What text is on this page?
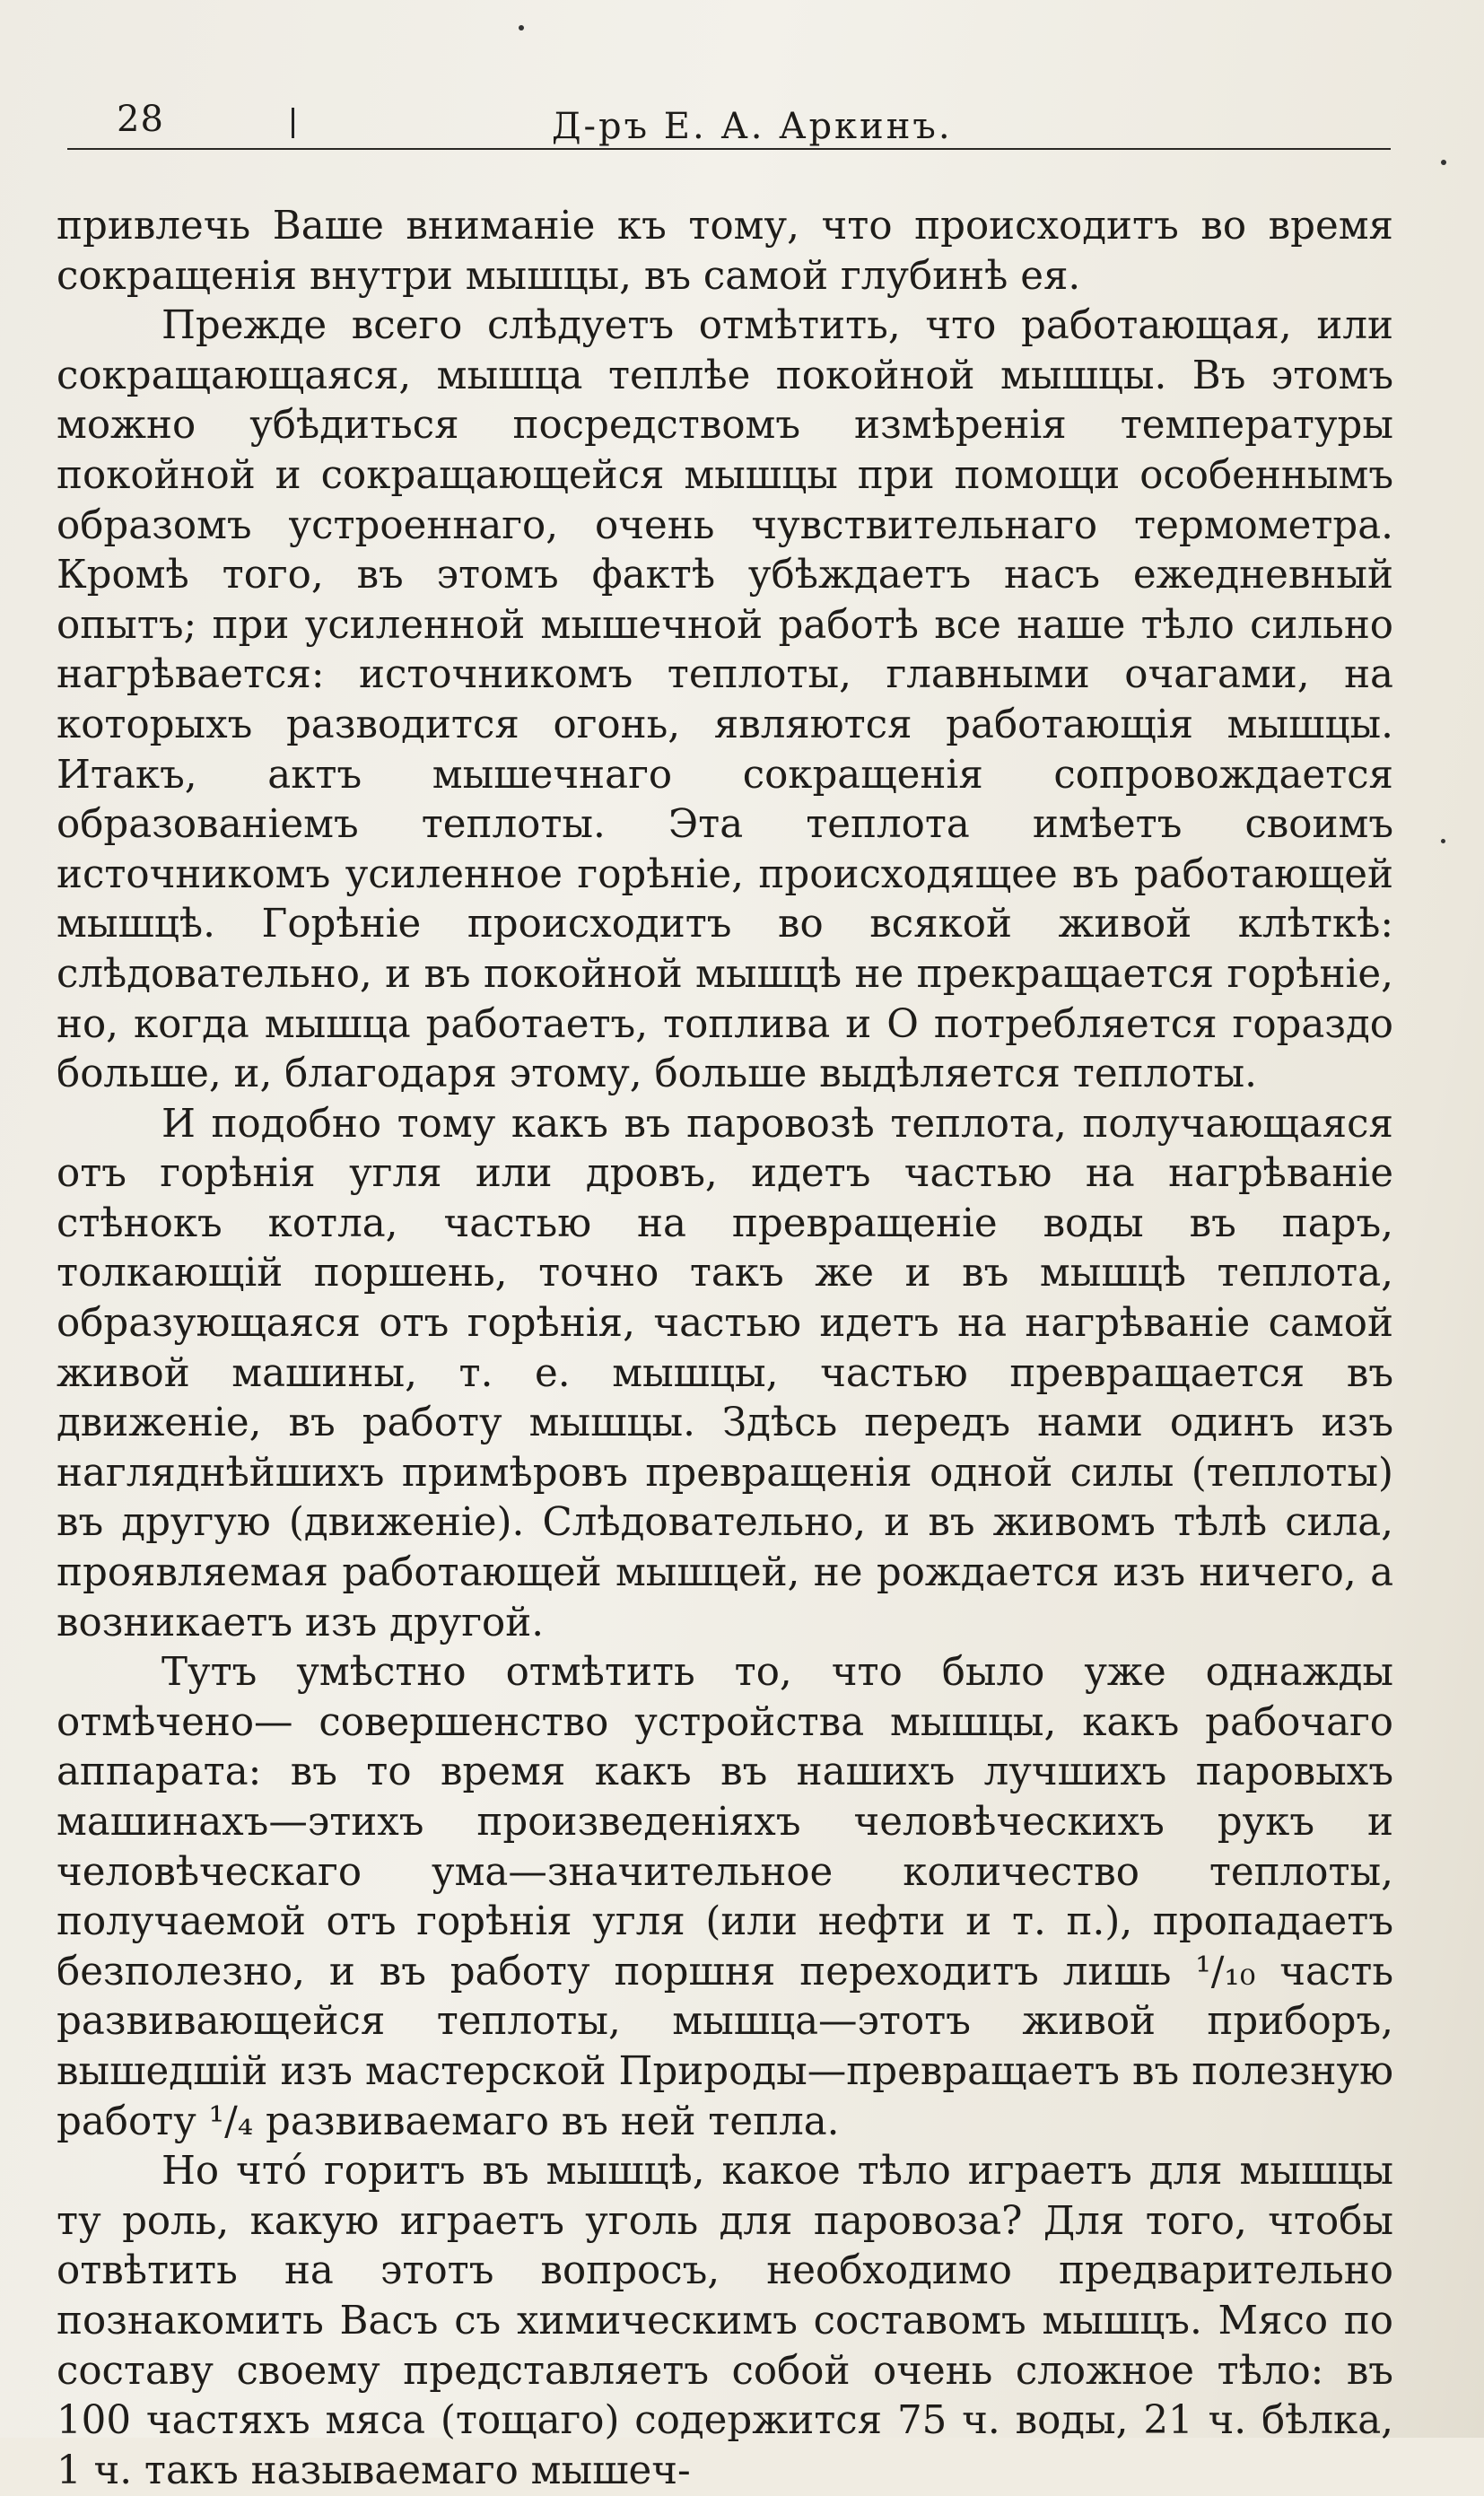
28	Д-ръ Е. А. Аркинъ.

привлечь Ваше вниманіе къ тому, что происходитъ во время сокращенія внутри мышцы, въ самой глубинѣ ея.

Прежде всего слѣдуетъ отмѣтить, что работающая, или сокращающаяся, мышца теплѣе покойной мышцы. Въ этомъ можно убѣдиться посредствомъ измѣренія температуры покойной и сокращающейся мышцы при помощи особеннымъ образомъ устроеннаго, очень чувствительнаго термометра. Кромѣ того, въ этомъ фактѣ убѣждаетъ насъ ежедневный опытъ; при усиленной мышечной работѣ все наше тѣло сильно нагрѣвается: источникомъ теплоты, главными очагами, на которыхъ разводится огонь, являются работающія мышцы. Итакъ, актъ мышечнаго сокращенія сопровождается образованіемъ теплоты. Эта теплота имѣетъ своимъ источникомъ усиленное горѣніе, происходящее въ работающей мышцѣ. Горѣніе происходитъ во всякой живой клѣткѣ: слѣдовательно, и въ покойной мышцѣ не прекращается горѣніе, но, когда мышца работаетъ, топлива и O потребляется гораздо больше, и, благодаря этому, больше выдѣляется теплоты.

И подобно тому какъ въ паровозѣ теплота, получающаяся отъ горѣнія угля или дровъ, идетъ частью на нагрѣваніе стѣнокъ котла, частью на превращеніе воды въ паръ, толкающій поршень, точно такъ же и въ мышцѣ теплота, образующаяся отъ горѣнія, частью идетъ на нагрѣваніе самой живой машины, т. е. мышцы, частью превращается въ движеніе, въ работу мышцы. Здѣсь передъ нами одинъ изъ нагляднѣйшихъ примѣровъ превращенія одной силы (теплоты) въ другую (движеніе). Слѣдовательно, и въ живомъ тѣлѣ сила, проявляемая работающей мышцей, не рождается изъ ничего, а возникаетъ изъ другой.

Тутъ умѣстно отмѣтить то, что было уже однажды отмѣчено— совершенство устройства мышцы, какъ рабочаго аппарата: въ то время какъ въ нашихъ лучшихъ паровыхъ машинахъ—этихъ произведеніяхъ человѣческихъ рукъ и человѣческаго ума—значительное количество теплоты, получаемой отъ горѣнія угля (или нефти и т. п.), пропадаетъ безполезно, и въ работу поршня переходитъ лишь ¹/₁₀ часть развивающейся теплоты, мышца—этотъ живой приборъ, вышедшій изъ мастерской Природы—превращаетъ въ полезную работу ¹/₄ развиваемаго въ ней тепла.

Но что́ горитъ въ мышцѣ, какое тѣло играетъ для мышцы ту роль, какую играетъ уголь для паровоза? Для того, чтобы отвѣтить на этотъ вопросъ, необходимо предварительно познакомить Васъ съ химическимъ составомъ мышцъ. Мясо по составу своему представляетъ собой очень сложное тѣло: въ 100 частяхъ мяса (тощаго) содержится 75 ч. воды, 21 ч. бѣлка, 1 ч. такъ называемаго мышеч-
